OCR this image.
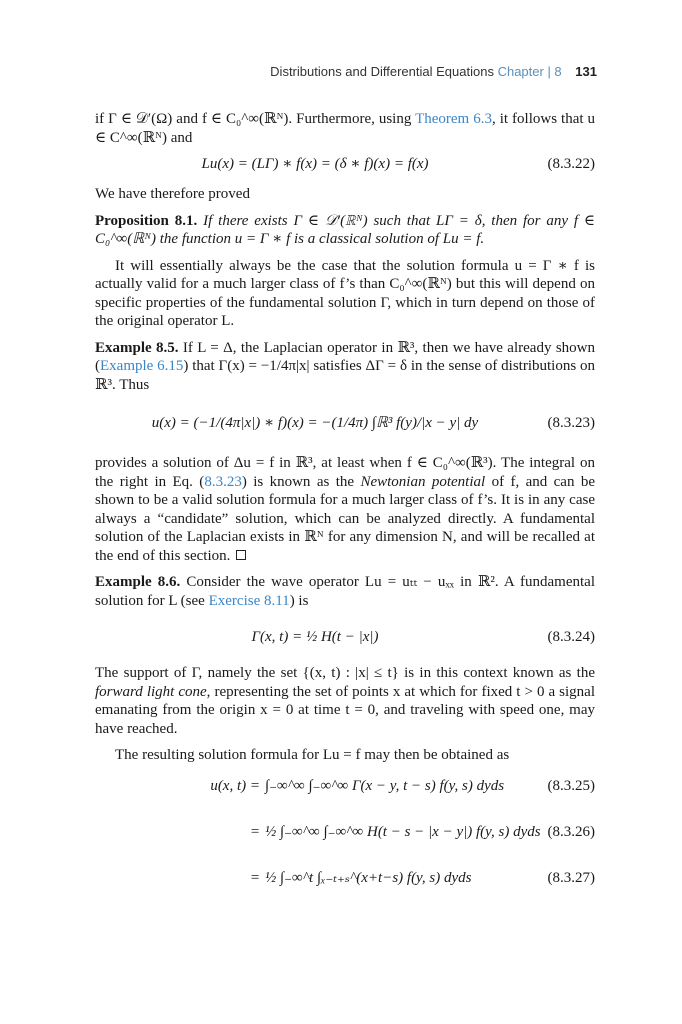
Distributions and Differential Equations Chapter | 8 131

if Γ ∈ 𝒟′(Ω) and f ∈ C₀^∞(ℝᴺ). Furthermore, using Theorem 6.3, it follows that u ∈ C^∞(ℝᴺ) and

Lu(x) = (LΓ) ∗ f(x) = (δ ∗ f)(x) = f(x)	(8.3.22)

We have therefore proved

Proposition 8.1. If there exists Γ ∈ 𝒟′(ℝᴺ) such that LΓ = δ, then for any f ∈ C₀^∞(ℝᴺ) the function u = Γ ∗ f is a classical solution of Lu = f.

It will essentially always be the case that the solution formula u = Γ ∗ f is actually valid for a much larger class of f’s than C₀^∞(ℝᴺ) but this will depend on specific properties of the fundamental solution Γ, which in turn depend on those of the original operator L.

Example 8.5. If L = Δ, the Laplacian operator in ℝ³, then we have already shown (Example 6.15) that Γ(x) = −1/4π|x| satisfies ΔΓ = δ in the sense of distributions on ℝ³. Thus

u(x) = (−1/(4π|x|) ∗ f)(x) = −(1/4π) ∫ℝ³ f(y)/|x − y| dy	(8.3.23)

provides a solution of Δu = f in ℝ³, at least when f ∈ C₀^∞(ℝ³). The integral on the right in Eq. (8.3.23) is known as the Newtonian potential of f, and can be shown to be a valid solution formula for a much larger class of f’s. It is in any case always a “candidate” solution, which can be analyzed directly. A fundamental solution of the Laplacian exists in ℝᴺ for any dimension N, and will be recalled at the end of this section.

Example 8.6. Consider the wave operator Lu = uₜₜ − uₓₓ in ℝ². A fundamental solution for L (see Exercise 8.11) is

Γ(x, t) = ½ H(t − |x|)	(8.3.24)

The support of Γ, namely the set {(x, t) : |x| ≤ t} is in this context known as the forward light cone, representing the set of points x at which for fixed t > 0 a signal emanating from the origin x = 0 at time t = 0, and traveling with speed one, may have reached.

The resulting solution formula for Lu = f may then be obtained as

u(x, t) = ∫₋∞^∞ ∫₋∞^∞ Γ(x − y, t − s) f(y, s) dyds	(8.3.25)
= ½ ∫₋∞^∞ ∫₋∞^∞ H(t − s − |x − y|) f(y, s) dyds (8.3.26)
= ½ ∫₋∞^t ∫ₓ₋ₜ₊ₛ^(x+t−s) f(y, s) dyds	(8.3.27)
